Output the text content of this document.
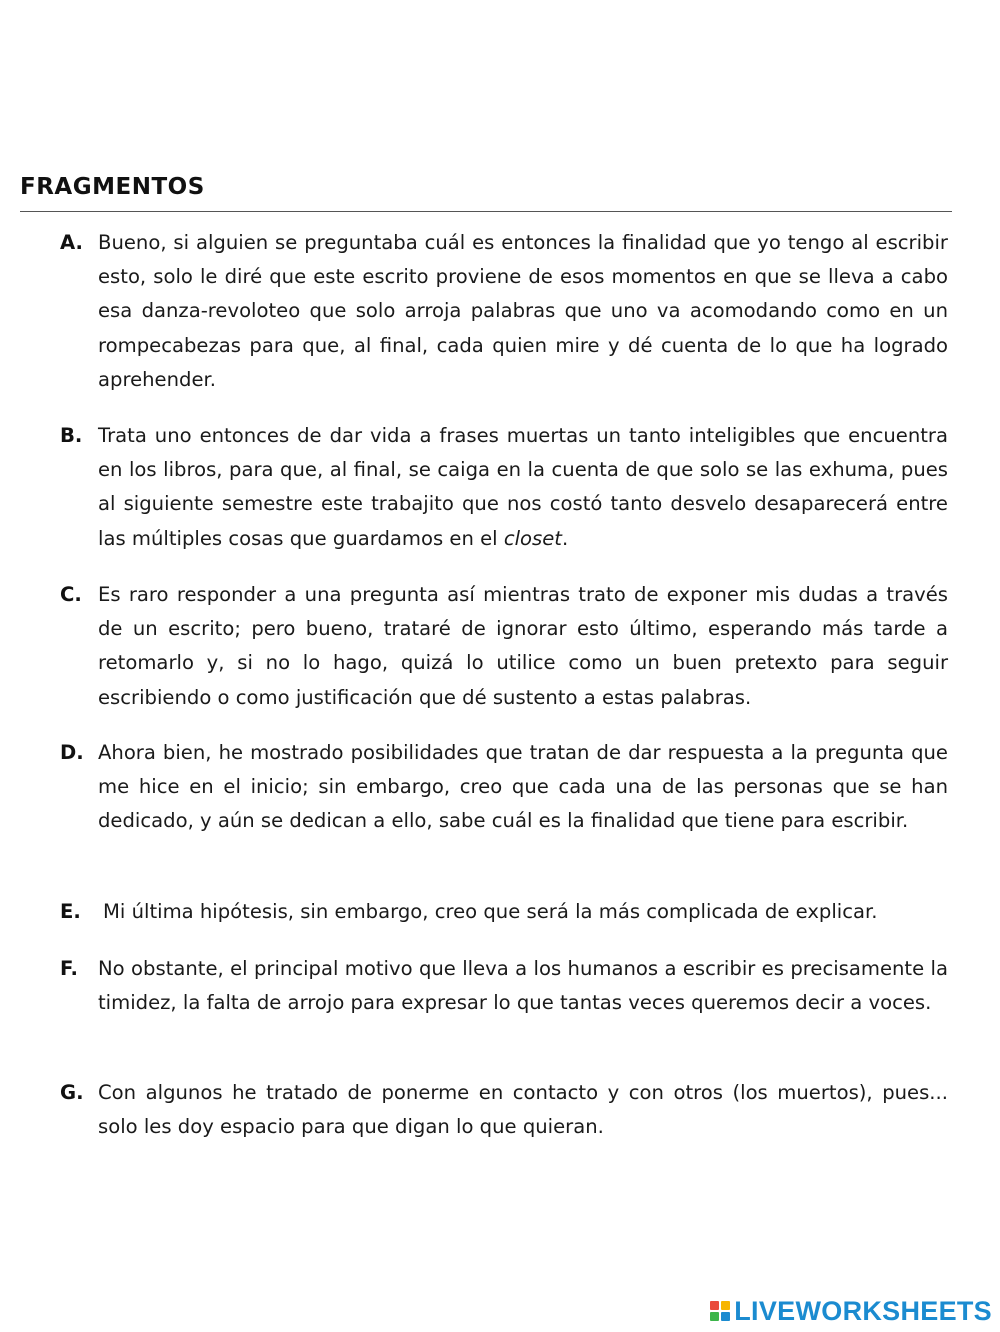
FRAGMENTOS
A. Bueno, si alguien se preguntaba cuál es entonces la finalidad que yo tengo al escribir esto, solo le diré que este escrito proviene de esos momentos en que se lleva a cabo esa danza-revoloteo que solo arroja palabras que uno va acomodando como en un rompecabezas para que, al final, cada quien mire y dé cuenta de lo que ha logrado aprehender.
B. Trata uno entonces de dar vida a frases muertas un tanto inteligibles que encuentra en los libros, para que, al final, se caiga en la cuenta de que solo se las exhuma, pues al siguiente semestre este trabajito que nos costó tanto desvelo desaparecerá entre las múltiples cosas que guardamos en el closet.
C. Es raro responder a una pregunta así mientras trato de exponer mis dudas a través de un escrito; pero bueno, trataré de ignorar esto último, esperando más tarde a retomarlo y, si no lo hago, quizá lo utilice como un buen pretexto para seguir escribiendo o como justificación que dé sustento a estas palabras.
D. Ahora bien, he mostrado posibilidades que tratan de dar respuesta a la pregunta que me hice en el inicio; sin embargo, creo que cada una de las personas que se han dedicado, y aún se dedican a ello, sabe cuál es la finalidad que tiene para escribir.
E. Mi última hipótesis, sin embargo, creo que será la más complicada de explicar.
F. No obstante, el principal motivo que lleva a los humanos a escribir es precisamente la timidez, la falta de arrojo para expresar lo que tantas veces queremos decir a voces.
G. Con algunos he tratado de ponerme en contacto y con otros (los muertos), pues... solo les doy espacio para que digan lo que quieran.
LIVEWORKSHEETS
